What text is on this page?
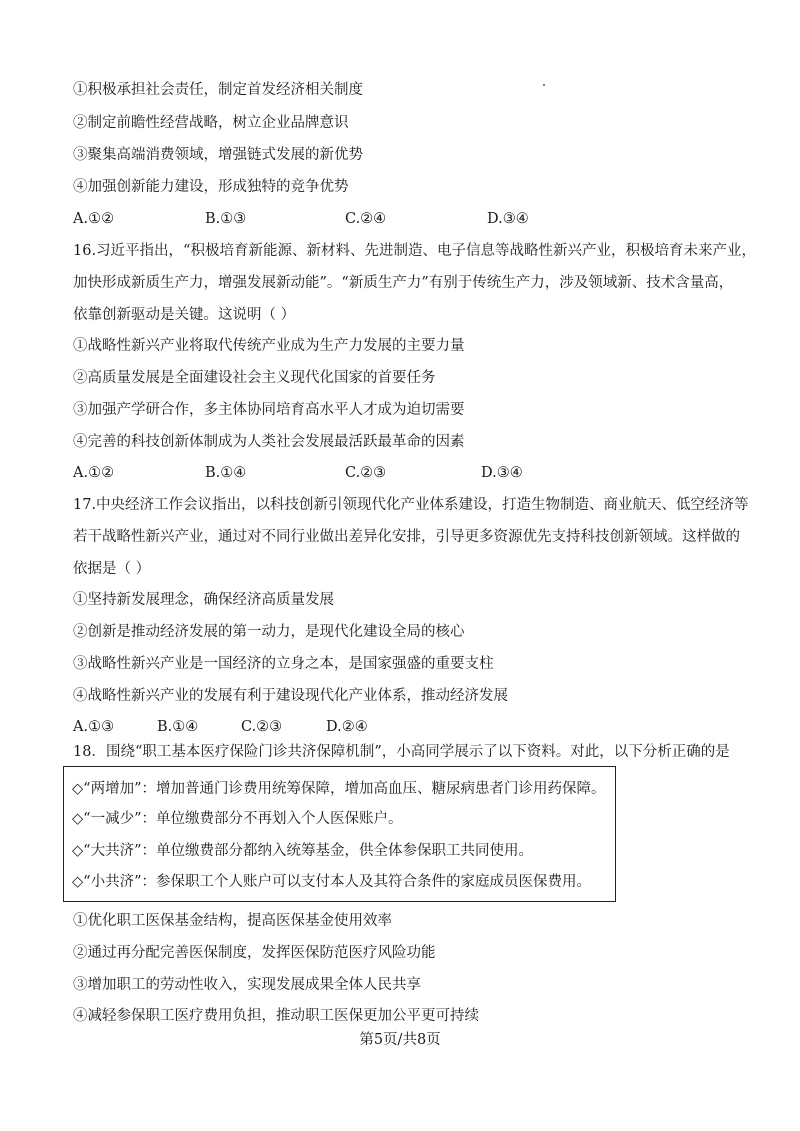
①积极承担社会责任，制定首发经济相关制度
②制定前瞻性经营战略，树立企业品牌意识
③聚集高端消费领域，增强链式发展的新优势
④加强创新能力建设，形成独特的竞争优势
A.①②	B.①③	C.②④	D.③④
16.习近平指出，“积极培育新能源、新材料、先进制造、电子信息等战略性新兴产业，积极培育未来产业，
加快形成新质生产力，增强发展新动能”。“新质生产力”有别于传统生产力，涉及领域新、技术含量高，
依靠创新驱动是关键。这说明（ ）
①战略性新兴产业将取代传统产业成为生产力发展的主要力量
②高质量发展是全面建设社会主义现代化国家的首要任务
③加强产学研合作，多主体协同培育高水平人才成为迫切需要
④完善的科技创新体制成为人类社会发展最活跃最革命的因素
A.①②	B.①④	C.②③	D.③④
17.中央经济工作会议指出，以科技创新引领现代化产业体系建设，打造生物制造、商业航天、低空经济等
若干战略性新兴产业，通过对不同行业做出差异化安排，引导更多资源优先支持科技创新领域。这样做的
依据是（ ）
①坚持新发展理念，确保经济高质量发展
②创新是推动经济发展的第一动力，是现代化建设全局的核心
③战略性新兴产业是一国经济的立身之本，是国家强盛的重要支柱
④战略性新兴产业的发展有利于建设现代化产业体系，推动经济发展
A.①③	B.①④	C.②③	D.②④
18．围绕“职工基本医疗保险门诊共济保障机制”，小高同学展示了以下资料。对此，以下分析正确的是
◇“两增加”：增加普通门诊费用统筹保障，增加高血压、糖尿病患者门诊用药保障。
◇“一减少”：单位缴费部分不再划入个人医保账户。
◇“大共济”：单位缴费部分都纳入统筹基金，供全体参保职工共同使用。
◇“小共济”：参保职工个人账户可以支付本人及其符合条件的家庭成员医保费用。
①优化职工医保基金结构，提高医保基金使用效率
②通过再分配完善医保制度，发挥医保防范医疗风险功能
③增加职工的劳动性收入，实现发展成果全体人民共享
④减轻参保职工医疗费用负担，推动职工医保更加公平更可持续
第5页/共8页
